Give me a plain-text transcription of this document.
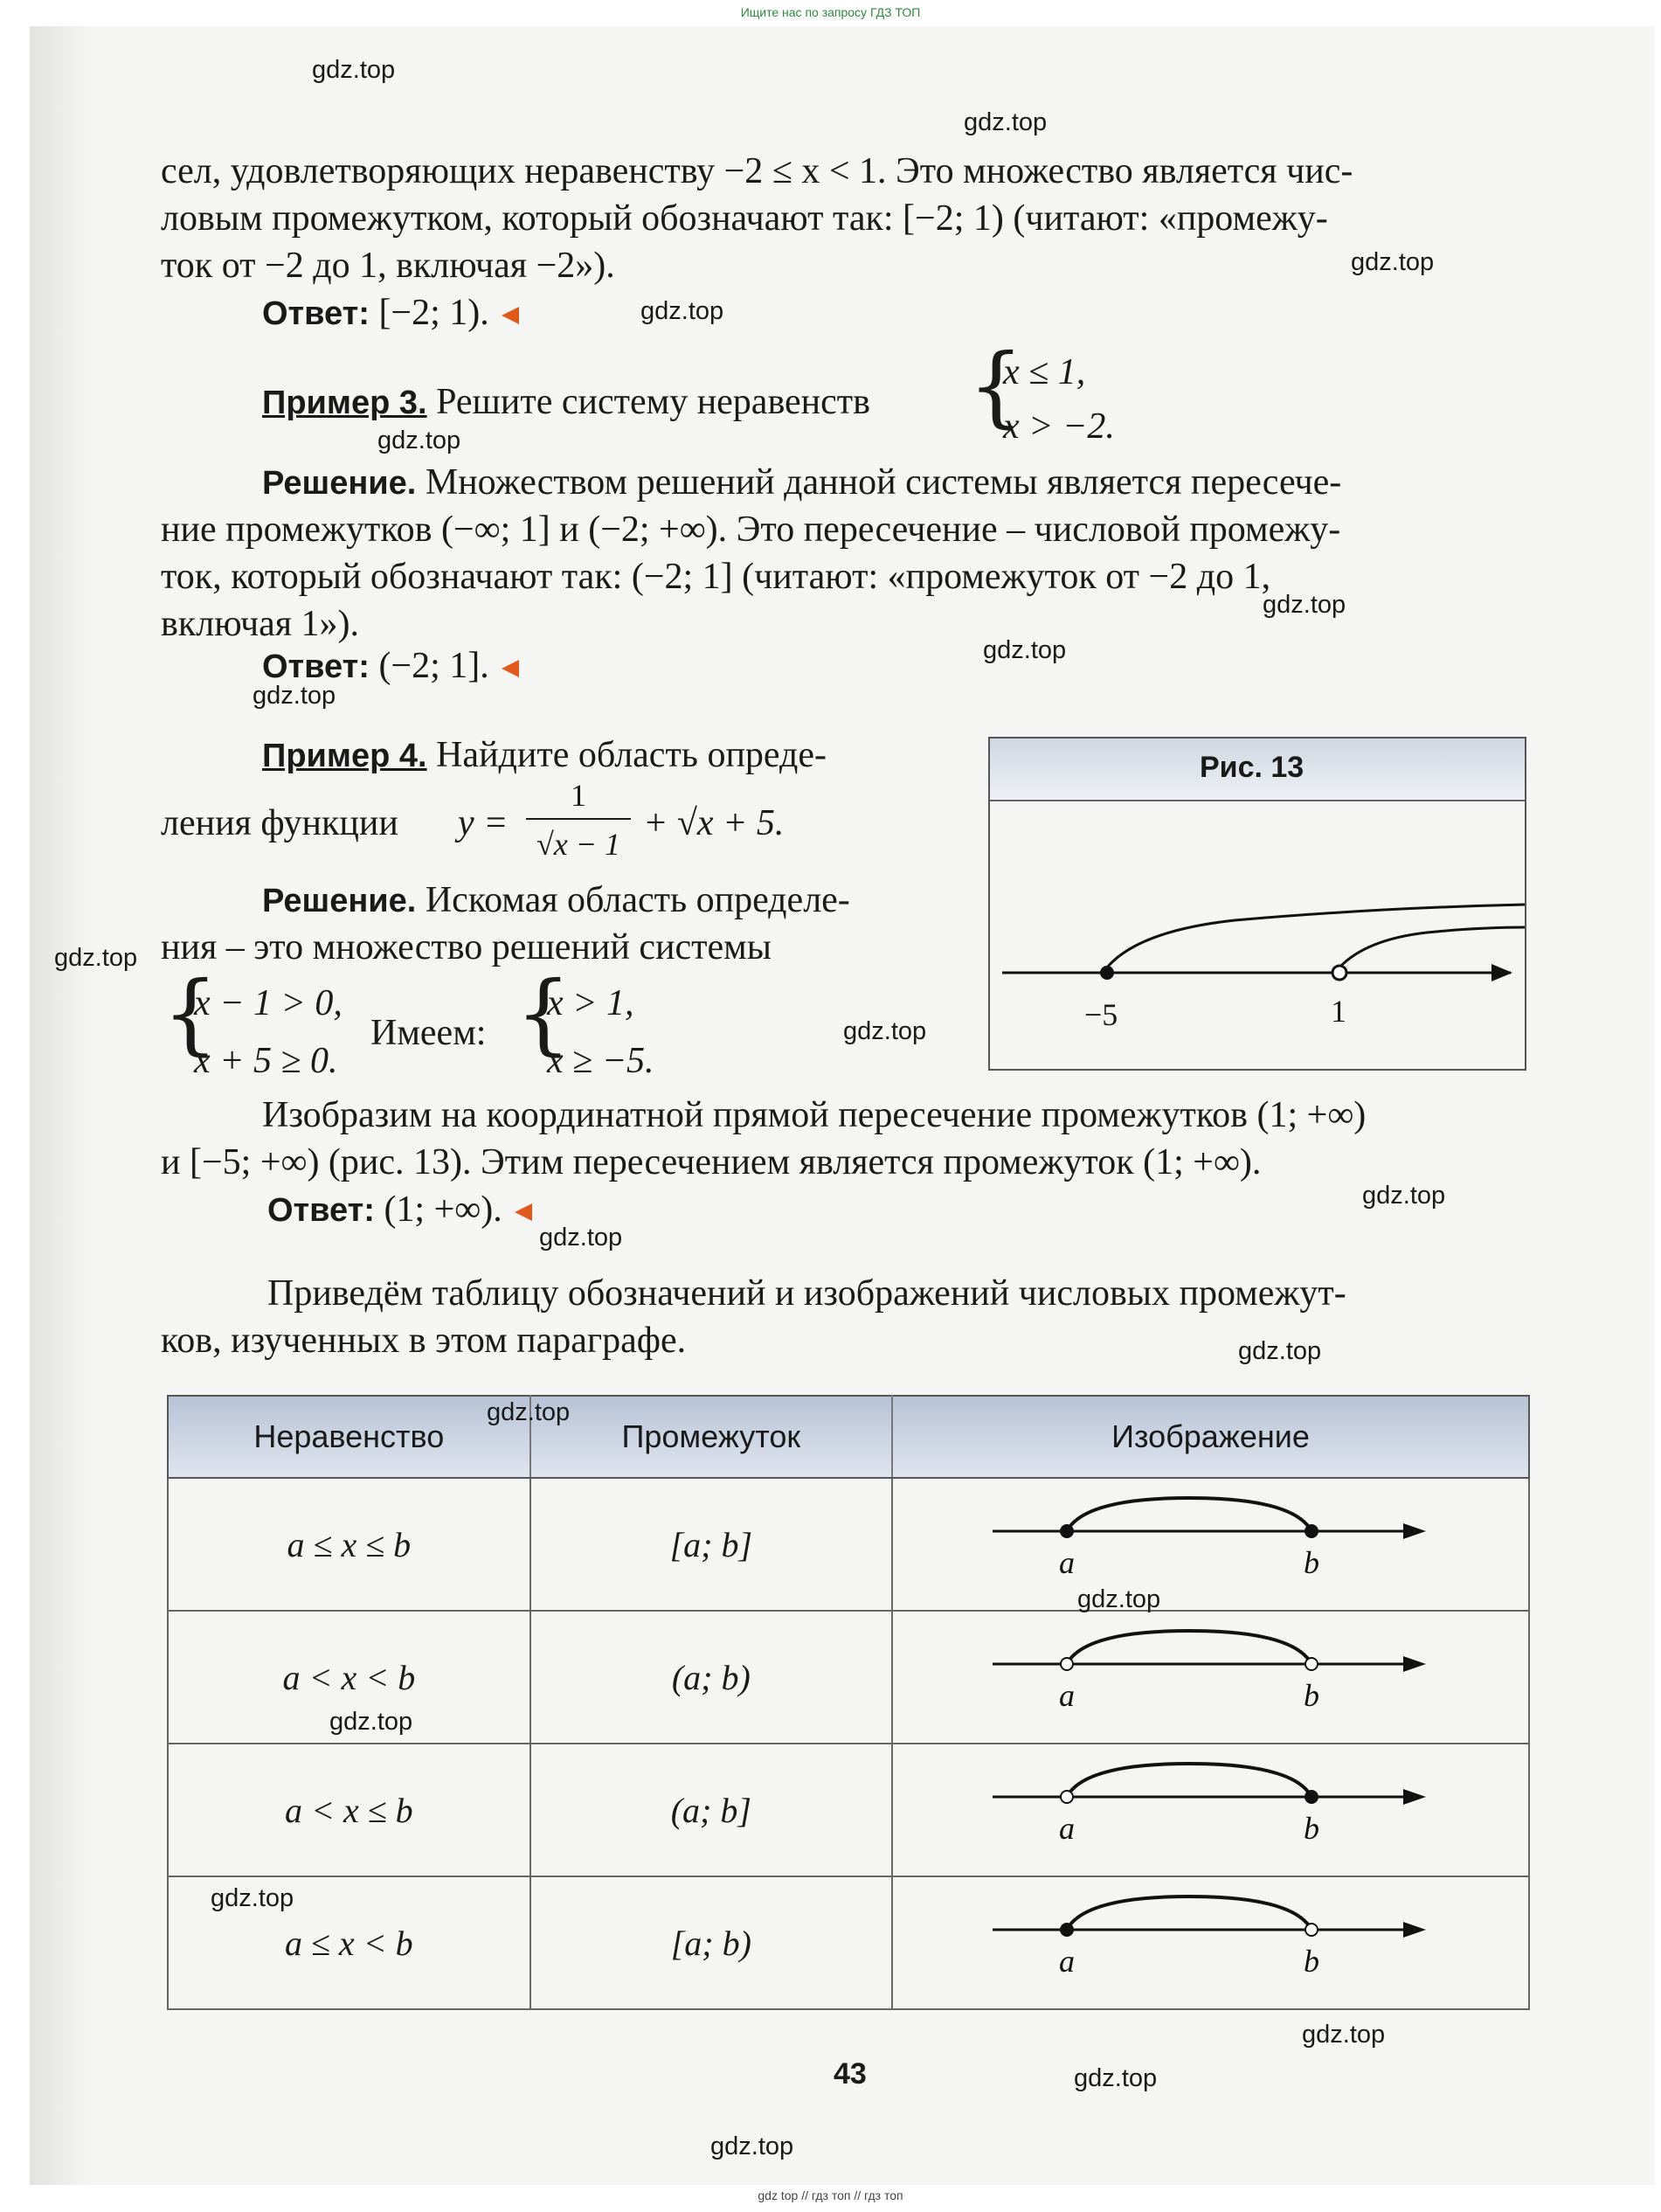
Ищите нас по запросу ГДЗ ТОП
сел, удовлетворяющих неравенству −2 ≤ x < 1. Это множество является чис-
ловым промежутком, который обозначают так: [−2; 1) (читают: «промежу-
ток от −2 до 1, включая −2»).
Ответ: [−2; 1).
Пример 3. Решите систему неравенств {
x ≤ 1,
x > −2.
Решение. Множеством решений данной системы является пересече-
ние промежутков (−∞; 1] и (−2; +∞). Это пересечение – числовой промежу-
ток, который обозначают так: (−2; 1] (читают: «промежуток от −2 до 1,
включая 1»).
Ответ: (−2; 1].
Пример 4. Найдите область опреде-
ления функции y =
1
√x − 1
+ √x + 5.
Решение. Искомая область определе-
ния – это множество решений системы
{
x − 1 > 0,
x + 5 ≥ 0.
Имеем: {
x > 1,
x ≥ −5.
Рис. 13
−5	1
Изобразим на координатной прямой пересечение промежутков (1; +∞)
и [−5; +∞) (рис. 13). Этим пересечением является промежуток (1; +∞).
Ответ: (1; +∞).
Приведём таблицу обозначений и изображений числовых промежут-
ков, изученных в этом параграфе.
Неравенство	Промежуток	Изображение
a ≤ x ≤ b	[a; b]	a b

a < x < b	(a; b)	a b

a < x ≤ b	(a; b]	a b

a ≤ x < b	[a; b)	a b
43
gdz.top
gdz.top
gdz.top
gdz.top
gdz.top
gdz.top
gdz.top
gdz.top
gdz.top
gdz.top
gdz.top
gdz.top
gdz.top
gdz.top
gdz.top
gdz.top
gdz.top
gdz.top
gdz.top
gdz.top
gdz top // гдз топ // гдз топ
